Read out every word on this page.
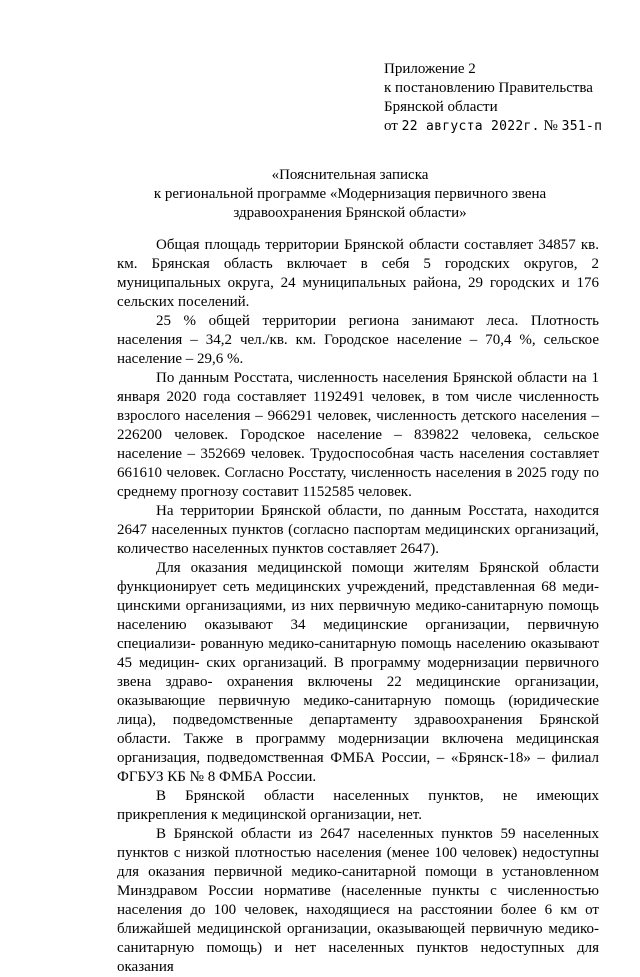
Приложение 2
к постановлению Правительства
Брянской области
от 22 августа 2022г. № 351-п
«Пояснительная записка
к региональной программе «Модернизация первичного звена
здравоохранения Брянской области»

Общая площадь территории Брянской области составляет 34857 кв. км. Брянская область включает в себя 5 городских округов, 2 муниципальных округа, 24 муниципальных района, 29 городских и 176 сельских поселений.

25 % общей территории региона занимают леса. Плотность населения – 34,2 чел./кв. км. Городское население – 70,4 %, сельское население – 29,6 %.

По данным Росстата, численность населения Брянской области на 1 января 2020 года составляет 1192491 человек, в том числе численность взрослого населения – 966291 человек, численность детского населения – 226200 человек. Городское население – 839822 человека, сельское население – 352669 человек. Трудоспособная часть населения составляет 661610 человек. Согласно Росстату, численность населения в 2025 году по среднему прогнозу составит 1152585 человек.

На территории Брянской области, по данным Росстата, находится 2647 населенных пунктов (согласно паспортам медицинских организаций, количество населенных пунктов составляет 2647).

Для оказания медицинской помощи жителям Брянской области функционирует сеть медицинских учреждений, представленная 68 меди- цинскими организациями, из них первичную медико-санитарную помощь населению оказывают 34 медицинские организации, первичную специализи- рованную медико-санитарную помощь населению оказывают 45 медицин- ских организаций. В программу модернизации первичного звена здраво- охранения включены 22 медицинские организации, оказывающие первичную медико-санитарную помощь (юридические лица), подведомственные департаменту здравоохранения Брянской области. Также в программу модернизации включена медицинская организация, подведомственная ФМБА России, – «Брянск-18» – филиал ФГБУЗ КБ № 8 ФМБА России.

В Брянской области населенных пунктов, не имеющих прикрепления к медицинской организации, нет.

В Брянской области из 2647 населенных пунктов 59 населенных пунктов с низкой плотностью населения (менее 100 человек) недоступны для оказания первичной медико-санитарной помощи в установленном Минздравом России нормативе (населенные пункты с численностью населения до 100 человек, находящиеся на расстоянии более 6 км от ближайшей медицинской организации, оказывающей первичную медико- санитарную помощь) и нет населенных пунктов недоступных для оказания
